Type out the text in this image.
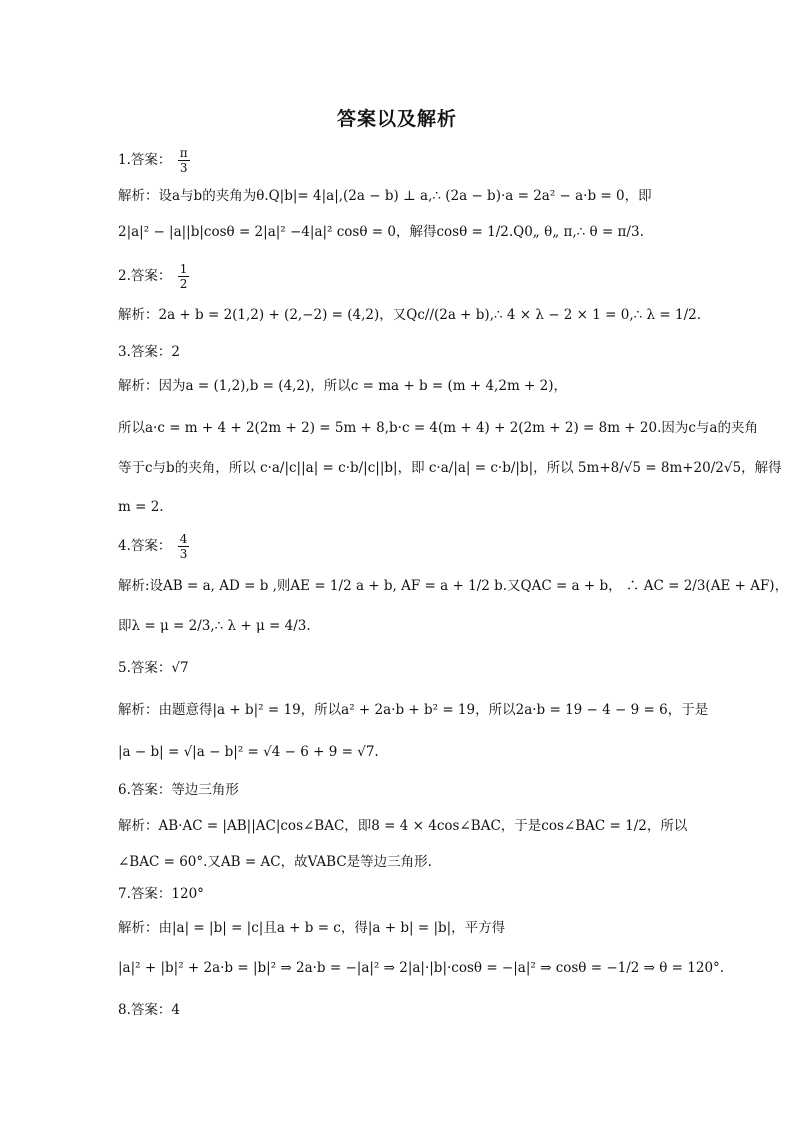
答案以及解析
1.答案： $\frac{\pi}{3}$
解析：设a与b的夹角为θ.Q|b|= 4|a|,(2a − b) ⊥ a,∴ (2a − b)·a = 2a² − a·b = 0，即
2|a|² − |a||b|cosθ = 2|a|² −4|a|² cosθ = 0，解得cosθ = 1/2.Q0„ θ„ π,∴ θ = π/3.
2.答案： $\frac{1}{2}$
解析：2a + b = 2(1,2) + (2,−2) = (4,2)，又Qc//(2a + b),∴ 4 × λ − 2 × 1 = 0,∴ λ = 1/2.
3.答案：2
解析：因为a = (1,2),b = (4,2)，所以c = ma + b = (m + 4,2m + 2)，
所以a·c = m + 4 + 2(2m + 2) = 5m + 8,b·c = 4(m + 4) + 2(2m + 2) = 8m + 20.因为c与a的夹角
等于c与b的夹角，所以 c·a/|c||a| = c·b/|c||b|，即 c·a/|a| = c·b/|b|，所以 5m+8/√5 = 8m+20/2√5，解得
m = 2.
4.答案： $\frac{4}{3}$
解析:设AB = a, AD = b ,则AE = 1/2 a + b, AF = a + 1/2 b.又QAC = a + b， ∴ AC = 2/3(AE + AF)，
即λ = μ = 2/3,∴ λ + μ = 4/3.
5.答案：√7
解析：由题意得|a + b|² = 19，所以a² + 2a·b + b² = 19，所以2a·b = 19 − 4 − 9 = 6，于是
|a − b| = √|a − b|² = √4 − 6 + 9 = √7.
6.答案：等边三角形
解析：AB·AC = |AB||AC|cos∠BAC，即8 = 4 × 4cos∠BAC，于是cos∠BAC = 1/2，所以
∠BAC = 60°.又AB = AC，故VABC是等边三角形.
7.答案：120°
解析：由|a| = |b| = |c|且a + b = c，得|a + b| = |b|，平方得
|a|² + |b|² + 2a·b = |b|² ⇒ 2a·b = −|a|² ⇒ 2|a|·|b|·cosθ = −|a|² ⇒ cosθ = −1/2 ⇒ θ = 120°.
8.答案：4
